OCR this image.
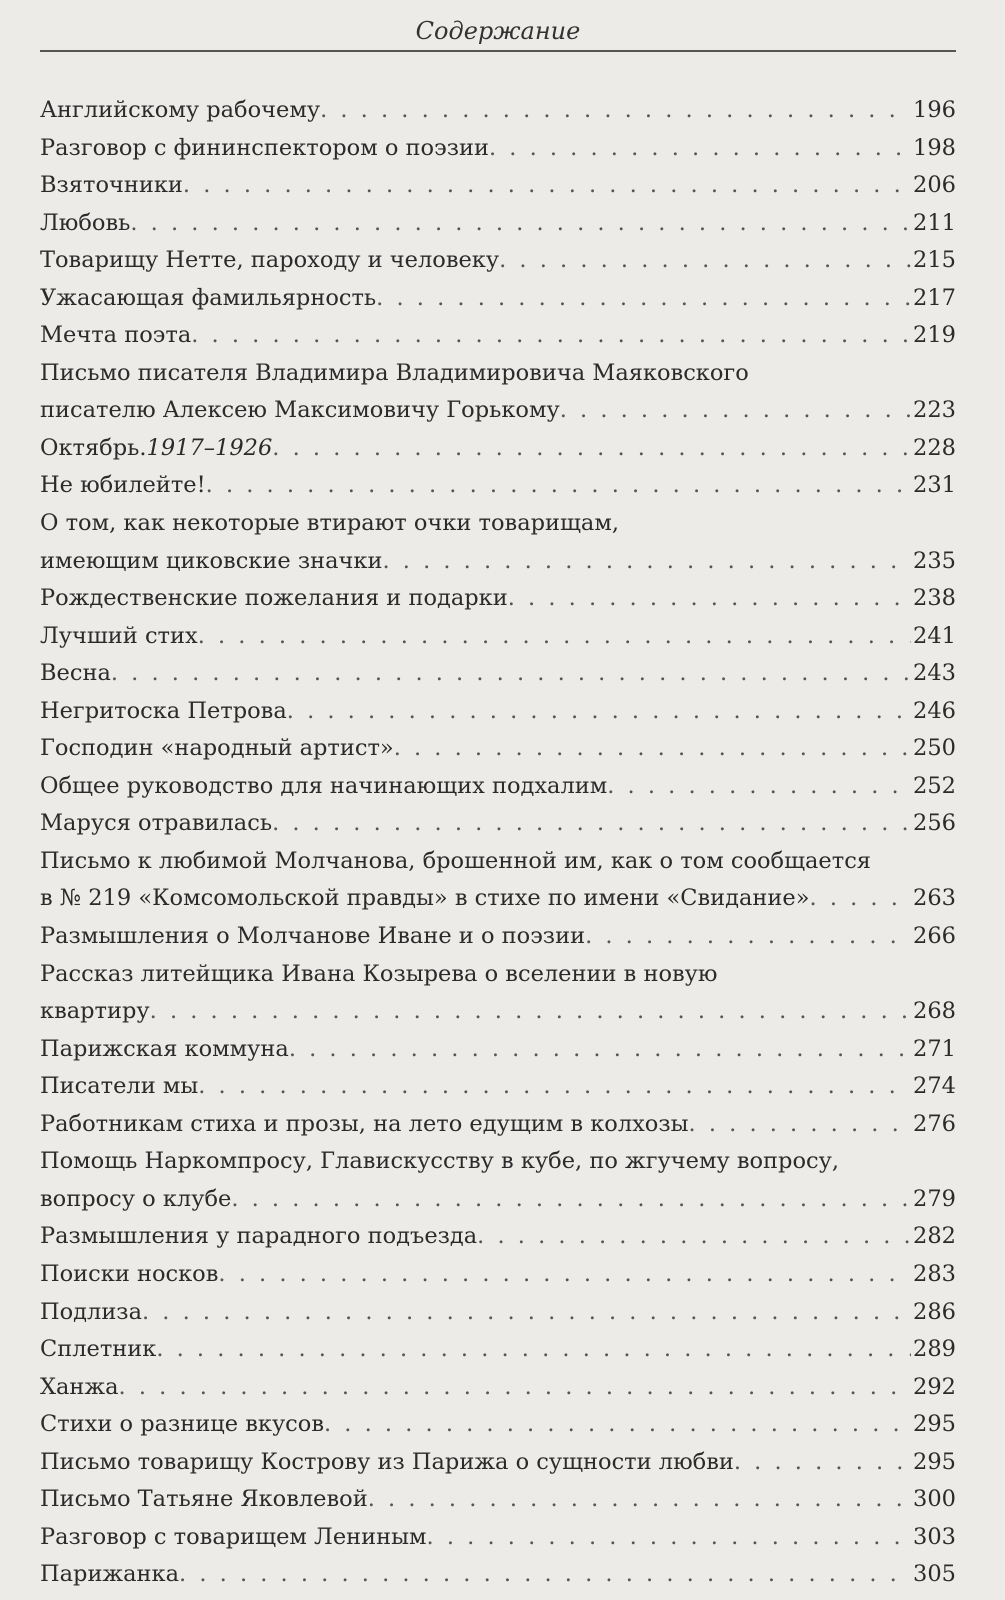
Содержание
Английскому рабочему . . .	196
Разговор с фининспектором о поэзии . . .	198
Взяточники . . .	206
Любовь . . .	211
Товарищу Нетте, пароходу и человеку . . .	215
Ужасающая фамильярность . . .	217
Мечта поэта . . .	219
Письмо писателя Владимира Владимировича Маяковского
писателю Алексею Максимовичу Горькому . . .	223
Октябрь. 1917–1926 . . .	228
Не юбилейте! . . .	231
О том, как некоторые втирают очки товарищам,
имеющим циковские значки . . .	235
Рождественские пожелания и подарки . . .	238
Лучший стих . . .	241
Весна . . .	243
Негритоска Петрова . . .	246
Господин «народный артист» . . .	250
Общее руководство для начинающих подхалим . . .	252
Маруся отравилась . . .	256
Письмо к любимой Молчанова, брошенной им, как о том сообщается
в № 219 «Комсомольской правды» в стихе по имени «Свидание» . . .	263
Размышления о Молчанове Иване и о поэзии . . .	266
Рассказ литейщика Ивана Козырева о вселении в новую
квартиру . . .	268
Парижская коммуна . . .	271
Писатели мы . . .	274
Работникам стиха и прозы, на лето едущим в колхозы . . .	276
Помощь Наркомпросу, Главискусству в кубе, по жгучему вопросу,
вопросу о клубе . . .	279
Размышления у парадного подъезда . . .	282
Поиски носков . . .	283
Подлиза . . .	286
Сплетник . . .	289
Ханжа . . .	292
Стихи о разнице вкусов . . .	295
Письмо товарищу Кострову из Парижа о сущности любви . . .	295
Письмо Татьяне Яковлевой . . .	300
Разговор с товарищем Лениным . . .	303
Парижанка . . .	305
